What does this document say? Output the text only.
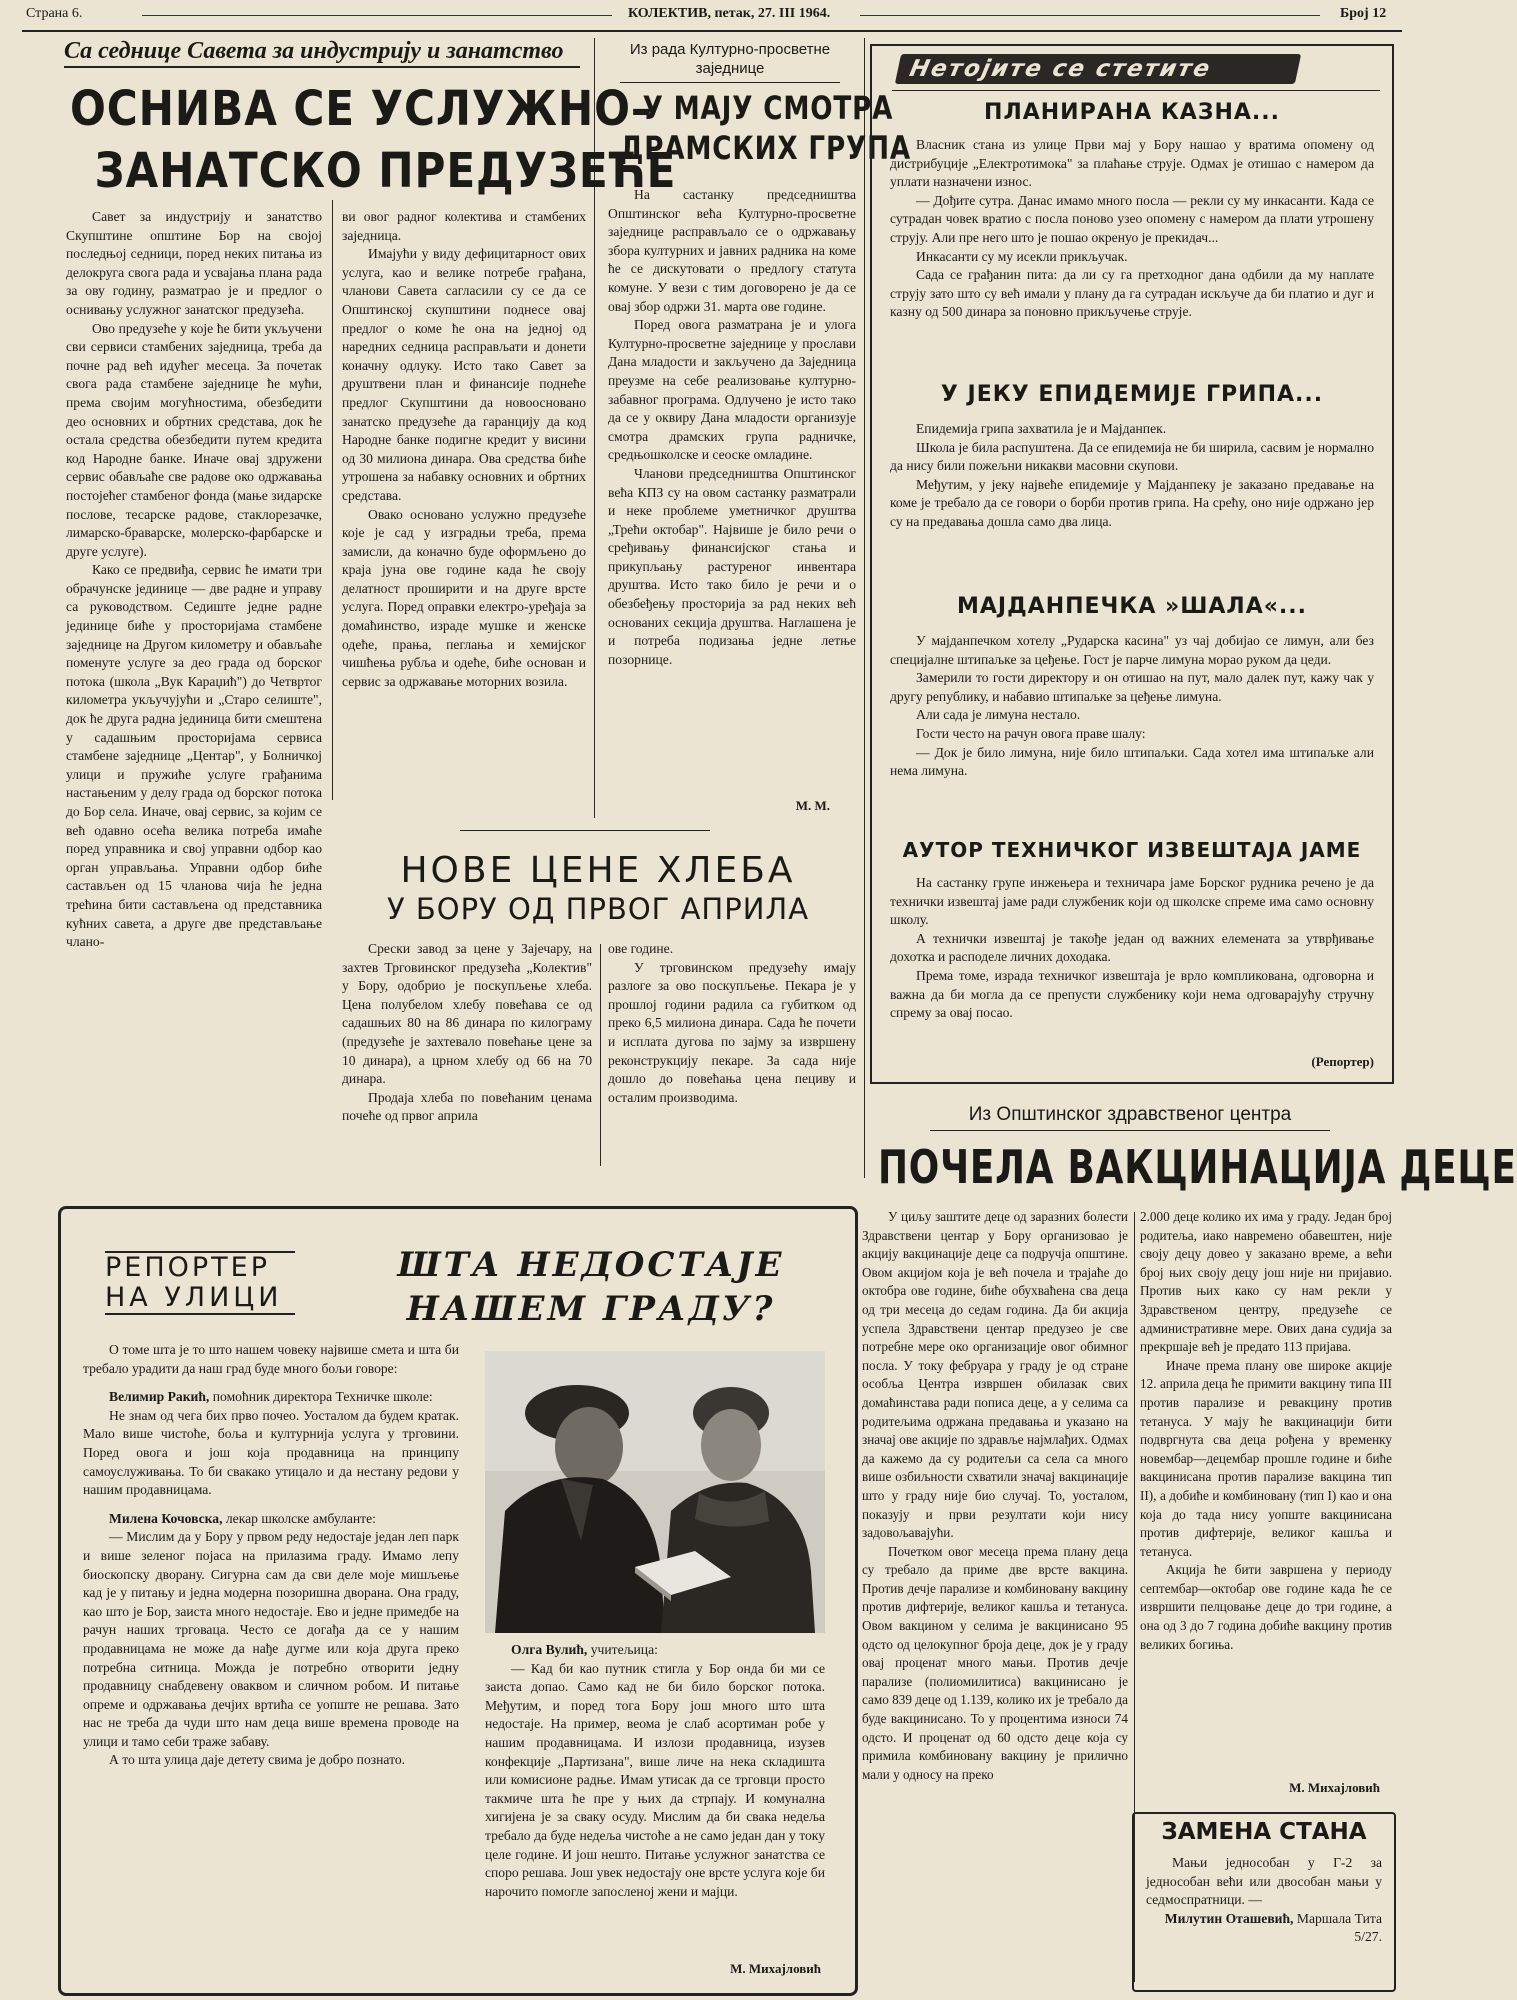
Страна 6.	КОЛЕКТИВ, петак, 27. III 1964.	Број 12
Са седнице Савета за индустрију и занатство
ОСНИВА СЕ УСЛУЖНО–
ЗАНАТСКО ПРЕДУЗЕЋЕ

Савет за индустрију и занатство Скупштине општине Бор на својој последњој седници, поред неких питања из делокруга свога рада и усвајања плана рада за ову годину, разматрао је и предлог о оснивању услужног занатског предузећа.

Ово предузеће у које ће бити укључени сви сервиси стамбених заједница, треба да почне рад већ идућег месеца. За почетак свога рада стамбене заједнице ће мући, према својим могућностима, обезбедити део основних и обртних средстава, док ће остала средства обезбедити путем кредита код Народне банке. Иначе овај здружени сервис обављаће све радове око одржавања постојећег стамбеног фонда (мање зидарске послове, тесарске радове, стаклорезачке, лимарско-браварске, молерско-фарбарске и друге услуге).

Како се предвиђа, сервис ће имати три обрачунске јединице — две радне и управу са руководством. Седиште једне радне јединице биће у просторијама стамбене заједнице на Другом километру и обављаће поменуте услуге за део града од борског потока (школа „Вук Караџић") до Четвртог километра укључујући и „Старо селиште", док ће друга радна јединица бити смештена у садашњим просторијама сервиса стамбене заједнице „Центар", у Болничкој улици и пружиће услуге грађанима настањеним у делу града од борског потока до Бор села. Иначе, овај сервис, за којим се већ одавно осећа велика потреба имаће поред управника и свој управни одбор као орган управљања. Управни одбор биће састављен од 15 чланова чија ће једна трећина бити састављена од представника кућних савета, а друге две представљање члано-

ви овог радног колектива и стамбених заједница.

Имајући у виду дефицитарност ових услуга, као и велике потребе грађана, чланови Савета сагласили су се да се Општинској скупштини поднесе овај предлог о коме ће она на једној од наредних седница расправљати и донети коначну одлуку. Исто тако Савет за друштвени план и финансије поднеће предлог Скупштини да новоосновано занатско предузеће да гаранцију да код Народне банке подигне кредит у висини од 30 милиона динара. Ова средства биће утрошена за набавку основних и обртних средстава.

Овако основано услужно предузеће које је сад у изградњи треба, према замисли, да коначно буде оформљено до краја јуна ове године када ће своју делатност проширити и на друге врсте услуга. Поред оправки електро-уређаја за домаћинство, израде мушке и женске одеће, прања, пеглања и хемијског чишћења рубља и одеће, биће основан и сервис за одржавање моторних возила.

Из рада Културно-просветне заједнице
У МАЈУ СМОТРА
ДРАМСКИХ ГРУПА

На састанку председништва Општинског већа Културно-просветне заједнице расправљало се о одржавању збора културних и јавних радника на коме ће се дискутовати о предлогу статута комуне. У вези с тим договорено је да се овај збор одржи 31. марта ове године.

Поред овога разматрана је и улога Културно-просветне заједнице у прослави Дана младости и закључено да Заједница преузме на себе реализовање културно-забавног програма. Одлучено је исто тако да се у оквиру Дана младости организује смотра драмских група радничке, средњошколске и сеоске омладине.

Чланови председништва Општинског већа КПЗ су на овом састанку разматрали и неке проблеме уметничког друштва „Трећи октобар". Највише је било речи о сређивању финансијског стања и прикупљању растуреног инвентара друштва. Исто тако било је речи и о обезбеђењу просторија за рад неких већ основаних секција друштва. Наглашена је и потреба подизања једне летње позорнице.

М. М.
НОВЕ ЦЕНЕ ХЛЕБА
У БОРУ ОД ПРВОГ АПРИЛА

Срески завод за цене у Зајечару, на захтев Трговинског предузећа „Колектив" у Бору, одобрио је поскупљење хлеба. Цена полубелом хлебу повећава се од садашњих 80 на 86 динара по килограму (предузеће је захтевало повећање цене за 10 динара), а црном хлебу од 66 на 70 динара.

Продаја хлеба по повећаним ценама почеће од првог априла

ове године.

У трговинском предузећу имају разлоге за ово поскупљење. Пекара је у прошлој години радила са губитком од преко 6,5 милиона динара. Сада ће почети и исплата дугова по зајму за извршену реконструкцију пекаре. За сада није дошло до повећања цена пециву и осталим производима.

Нетојите се стетите
ПЛАНИРАНА КАЗНА...

Власник стана из улице Први мај у Бору нашао у вратима опомену од дистрибуције „Електротимока" за плаћање струје. Одмах је отишао с намером да уплати назначени износ.

— Дођите сутра. Данас имамо много посла — рекли су му инкасанти. Када се сутрадан човек вратио с посла поново узео опомену с намером да плати утрошену струју. Али пре него што је пошао окренуо је прекидач...

Инкасанти су му исекли прикључак.

Сада се грађанин пита: да ли су га претходног дана одбили да му наплате струју зато што су већ имали у плану да га сутрадан искључе да би платио и дуг и казну од 500 динара за поновно прикључење струје.

У ЈЕКУ ЕПИДЕМИЈЕ ГРИПА...

Епидемија грипа захватила је и Мајданпек.

Школа је била распуштена. Да се епидемија не би ширила, сасвим је нормално да нису били пожељни никакви масовни скупови.

Међутим, у јеку највеће епидемије у Мајданпеку је заказано предавање на коме је требало да се говори о борби против грипа. На срећу, оно није одржано јер су на предавања дошла само два лица.

МАЈДАНПЕЧКА »ШАЛА«...

У мајданпечком хотелу „Рударска касина" уз чај добијао се лимун, али без специјалне штипаљке за цеђење. Гост је парче лимуна морао руком да цеди.

Замерили то гости директору и он отишао на пут, мало далек пут, кажу чак у другу републику, и набавио штипаљке за цеђење лимуна.

Али сада је лимуна нестало.

Гости често на рачун овога праве шалу:

— Док је било лимуна, није било штипаљки. Сада хотел има штипаљке али нема лимуна.

АУТОР ТЕХНИЧКОГ ИЗВЕШТАЈА ЈАМЕ

На састанку групе инжењера и техничара јаме Борског рудника речено је да технички извештај јаме ради службеник који од школске спреме има само основну школу.

А технички извештај је такође један од важних елемената за утврђивање дохотка и расподеле личних доходака.

Према томе, израда техничког извештаја је врло компликована, одговорна и важна да би могла да се препусти службенику који нема одговарајућу стручну спрему за овај посао.

(Репортер)
Из Општинског здравственог центра
ПОЧЕЛА ВАКЦИНАЦИЈА ДЕЦЕ

У циљу заштите деце од заразних болести Здравствени центар у Бору организовао је акцију вакцинације деце са подручја општине. Овом акцијом која је већ почела и трајаће до октобра ове године, биће обухваћена сва деца од три месеца до седам година. Да би акција успела Здравствени центар предузео је све потребне мере око организације овог обимног посла. У току фебруара у граду је од стране особља Центра извршен обилазак свих домаћинстава ради пописа деце, а у селима са родитељима одржана предавања и указано на значај ове акције по здравље најмлађих. Одмах да кажемо да су родитељи са села са много више озбиљности схватили значај вакцинације што у граду није био случај. То, уосталом, показују и први резултати који нису задовољавајући.

Почетком овог месеца према плану деца су требало да приме две врсте вакцина. Против дечје парализе и комбиновану вакцину против дифтерије, великог кашља и тетануса. Овом вакцином у селима је вакцинисано 95 одсто од целокупног броја деце, док је у граду овај проценат много мањи. Против дечје парализе (полиомилитиса) вакцинисано је само 839 деце од 1.139, колико их је требало да буде вакцинисано. То у процентима износи 74 одсто. И проценат од 60 одсто деце која су примила комбиновану вакцину је прилично мали у односу на преко

2.000 деце колико их има у граду. Један број родитеља, иако навремено обавештен, није своју децу довео у заказано време, а већи број њих своју децу још није ни пријавио. Против њих како су нам рекли у Здравственом центру, предузеће се административне мере. Ових дана судија за прекршаје већ је предато 113 пријава.

Иначе према плану ове широке акције 12. априла деца ће примити вакцину типа III против парализе и ревакцину против тетануса. У мају ће вакцинацији бити подвргнута сва деца рођена у временку новембар—децембар прошле године и биће вакцинисана против парализе вакцина тип II), а добиће и комбиновану (тип I) као и она која до тада нису уопште вакцинисана против дифтерије, великог кашља и тетануса.

Акција ће бити завршена у периоду септембар—октобар ове године када ће се извршити пелцовање деце до три године, а она од 3 до 7 година добиће вакцину против великих богиња.

М. Михајловић
ЗАМЕНА СТАНА

Мањи једнособан у Г-2 за једнособан већи или двособан мањи у седмоспратници. —

Милутин Оташевић, Маршала Тита 5/27.

РЕПОРТЕР
НА УЛИЦИ
ШТА НЕДОСТАЈЕ
НАШЕМ ГРАДУ?

О томе шта је то што нашем човеку највише смета и шта би требало урадити да наш град буде много бољи говоре:

Велимир Ракић, помоћник директора Техничке школе:

Не знам од чега бих прво почео. Уосталом да будем кратак. Мало више чистоће, боља и културнија услуга у трговини. Поред овога и још која продавница на принципу самоуслуживања. То би свакако утицало и да нестану редови у нашим продавницама.

Милена Кочовска, лекар школске амбуланте:

— Мислим да у Бору у првом реду недостаје један леп парк и више зеленог појаса на прилазима граду. Имамо лепу биоскопску дворану. Сигурна сам да сви деле моје мишљење кад је у питању и једна модерна позоришна дворана. Она граду, као што је Бор, заиста много недостаје. Ево и једне примедбе на рачун наших трговаца. Често се догађа да се у нашим продавницама не може да нађе дугме или која друга преко потребна ситница. Можда је потребно отворити једну продавницу снабдевену оваквом и сличном робом. И питање опреме и одржавања дечјих вртића се уопште не решава. Зато нас не треба да чуди што нам деца више времена проводе на улици и тамо себи траже забаву.

А то шта улица даје детету свима је добро познато.

Олга Вулић, учитељица:

— Кад би као путник стигла у Бор онда би ми се заиста допао. Само кад не би било борског потока. Међутим, и поред тога Бору још много што шта недостаје. На пример, веома је слаб асортиман робе у нашим продавницама. И излози продавница, изузев конфекције „Партизана", више личе на нека складишта или комисионе радње. Имам утисак да се трговци просто такмиче шта ће пре у њих да стрпају. И комунална хигијена је за сваку осуду. Мислим да би свака недеља требало да буде недеља чистоће а не само један дан у току целе године. И још нешто. Питање услужног занатства се споро решава. Још увек недостају оне врсте услуга које би нарочито помогле запосленој жени и мајци.

М. Михајловић
